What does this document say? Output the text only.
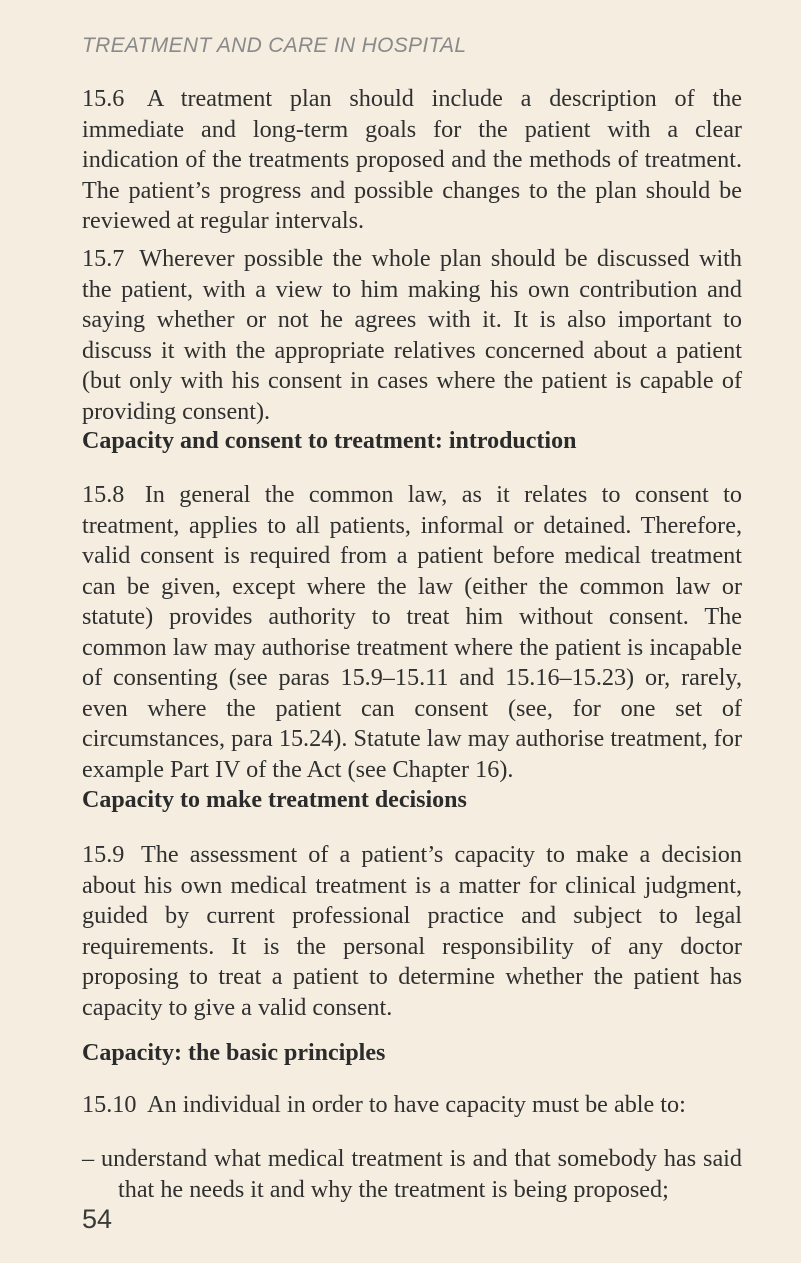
TREATMENT AND CARE IN HOSPITAL

15.6 A treatment plan should include a description of the immediate and long-term goals for the patient with a clear indication of the treatments proposed and the methods of treatment. The patient’s progress and possible changes to the plan should be reviewed at regular intervals.

15.7 Wherever possible the whole plan should be discussed with the patient, with a view to him making his own contribution and saying whether or not he agrees with it. It is also important to discuss it with the appropriate relatives concerned about a patient (but only with his consent in cases where the patient is capable of providing consent).

Capacity and consent to treatment: introduction

15.8 In general the common law, as it relates to consent to treatment, applies to all patients, informal or detained. Therefore, valid consent is required from a patient before medical treatment can be given, except where the law (either the common law or statute) provides authority to treat him without consent. The common law may authorise treatment where the patient is incapable of consenting (see paras 15.9–15.11 and 15.16–15.23) or, rarely, even where the patient can consent (see, for one set of circumstances, para 15.24). Statute law may authorise treatment, for example Part IV of the Act (see Chapter 16).

Capacity to make treatment decisions

15.9 The assessment of a patient’s capacity to make a decision about his own medical treatment is a matter for clinical judgment, guided by current professional practice and subject to legal requirements. It is the personal responsibility of any doctor proposing to treat a patient to determine whether the patient has capacity to give a valid consent.

Capacity: the basic principles

15.10 An individual in order to have capacity must be able to:

– understand what medical treatment is and that somebody has said that he needs it and why the treatment is being proposed;

54
